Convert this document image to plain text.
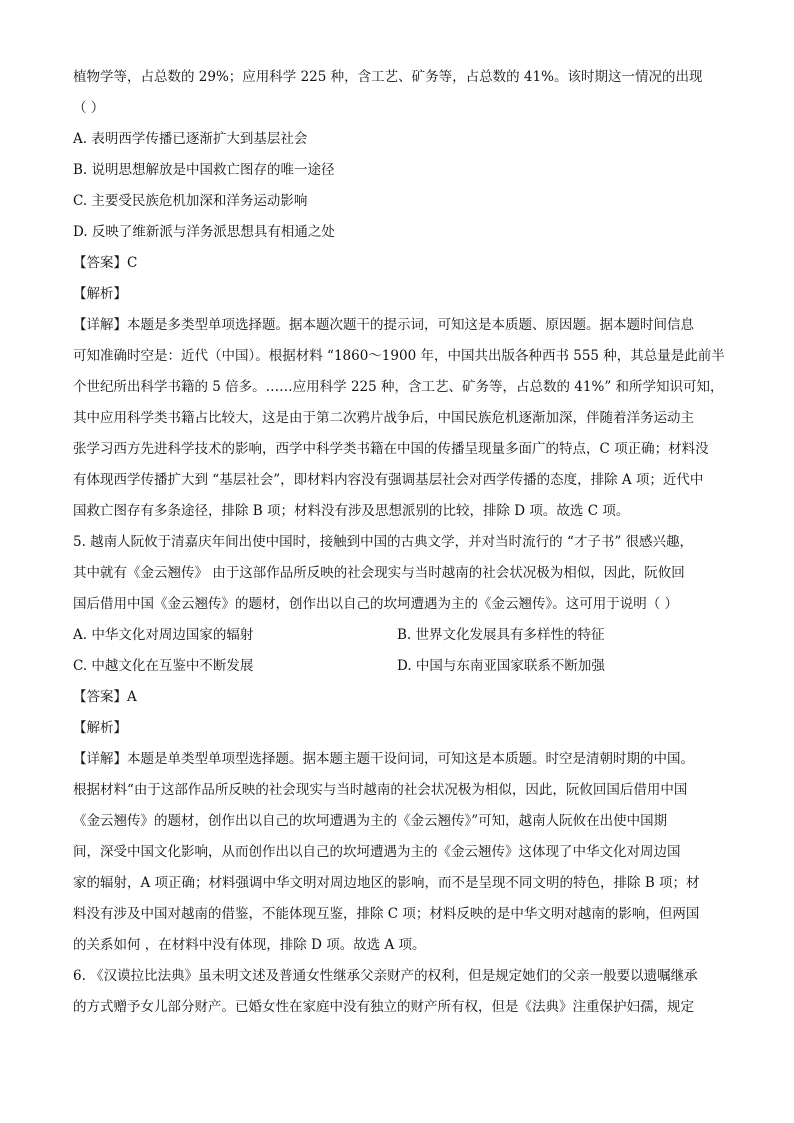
植物学等，占总数的 29%；应用科学 225 种，含工艺、矿务等，占总数的 41%。该时期这一情况的出现
（ ）
A. 表明西学传播已逐渐扩大到基层社会
B. 说明思想解放是中国救亡图存的唯一途径
C. 主要受民族危机加深和洋务运动影响
D. 反映了维新派与洋务派思想具有相通之处
【答案】C
【解析】
【详解】本题是多类型单项选择题。据本题次题干的提示词，可知这是本质题、原因题。据本题时间信息
可知准确时空是：近代（中国）。根据材料 “1860～1900 年，中国共出版各种西书 555 种，其总量是此前半
个世纪所出科学书籍的 5 倍多。……应用科学 225 种，含工艺、矿务等，占总数的 41%” 和所学知识可知，
其中应用科学类书籍占比较大，这是由于第二次鸦片战争后，中国民族危机逐渐加深，伴随着洋务运动主
张学习西方先进科学技术的影响，西学中科学类书籍在中国的传播呈现量多面广的特点，C 项正确；材料没
有体现西学传播扩大到 “基层社会”，即材料内容没有强调基层社会对西学传播的态度，排除 A 项；近代中
国救亡图存有多条途径，排除 B 项；材料没有涉及思想派别的比较，排除 D 项。故选 C 项。
5. 越南人阮攸于清嘉庆年间出使中国时，接触到中国的古典文学，并对当时流行的 “才子书” 很感兴趣，
其中就有《金云翘传》 由于这部作品所反映的社会现实与当时越南的社会状况极为相似，因此，阮攸回
国后借用中国《金云翘传》的题材，创作出以自己的坎坷遭遇为主的《金云翘传》。这可用于说明（ ）
A. 中华文化对周边国家的辐射	B. 世界文化发展具有多样性的特征
C. 中越文化在互鉴中不断发展	D. 中国与东南亚国家联系不断加强
【答案】A
【解析】
【详解】本题是单类型单项型选择题。据本题主题干设问词，可知这是本质题。时空是清朝时期的中国。
根据材料“由于这部作品所反映的社会现实与当时越南的社会状况极为相似，因此，阮攸回国后借用中国
《金云翘传》的题材，创作出以自己的坎坷遭遇为主的《金云翘传》”可知，越南人阮攸在出使中国期
间，深受中国文化影响，从而创作出以自己的坎坷遭遇为主的《金云翘传》这体现了中华文化对周边国
家的辐射，A 项正确；材料强调中华文明对周边地区的影响，而不是呈现不同文明的特色，排除 B 项；材
料没有涉及中国对越南的借鉴，不能体现互鉴，排除 C 项；材料反映的是中华文明对越南的影响，但两国
的关系如何 ，在材料中没有体现，排除 D 项。故选 A 项。
6. 《汉谟拉比法典》虽未明文述及普通女性继承父亲财产的权利，但是规定她们的父亲一般要以遗嘱继承
的方式赠予女儿部分财产。已婚女性在家庭中没有独立的财产所有权，但是《法典》注重保护妇孺，规定
